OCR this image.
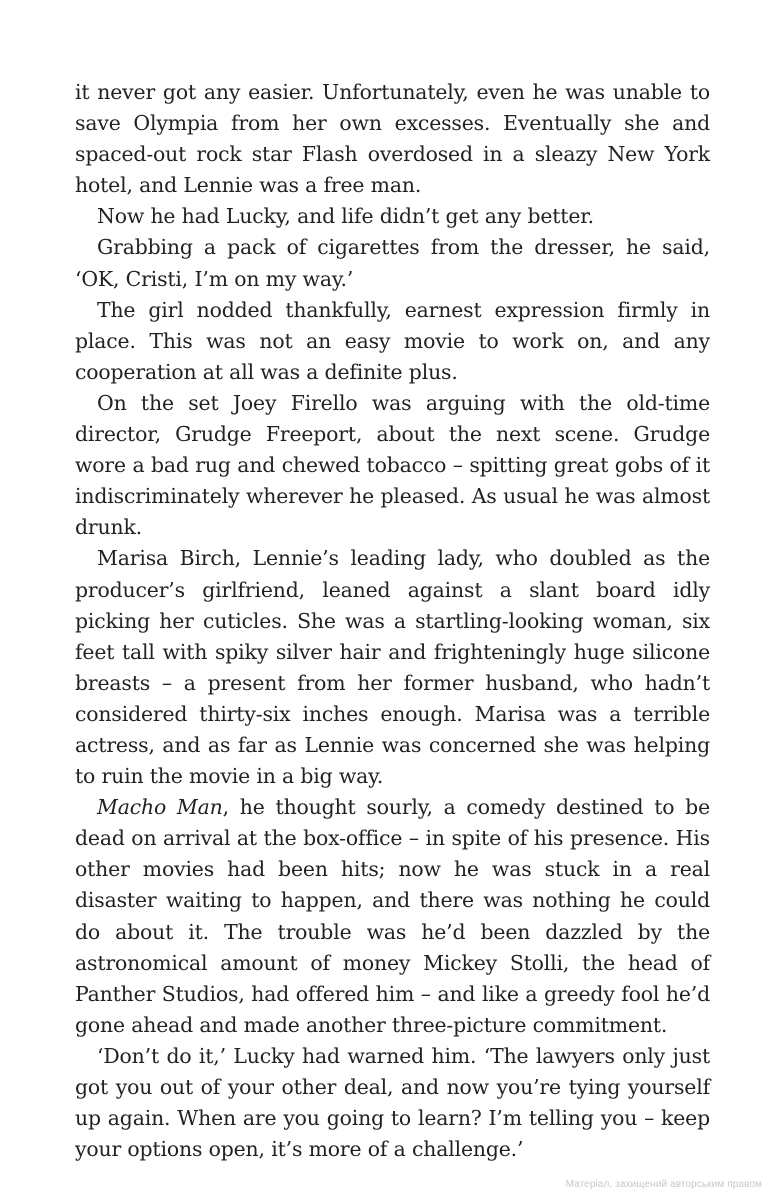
it never got any easier. Unfortunately, even he was unable to save Olympia from her own excesses. Eventually she and spaced-out rock star Flash overdosed in a sleazy New York hotel, and Lennie was a free man.

Now he had Lucky, and life didn’t get any better.

Grabbing a pack of cigarettes from the dresser, he said, ‘OK, Cristi, I’m on my way.’

The girl nodded thankfully, earnest expression firmly in place. This was not an easy movie to work on, and any cooperation at all was a definite plus.

On the set Joey Firello was arguing with the old-time director, Grudge Freeport, about the next scene. Grudge wore a bad rug and chewed tobacco – spitting great gobs of it indiscriminately wherever he pleased. As usual he was almost drunk.

Marisa Birch, Lennie’s leading lady, who doubled as the producer’s girlfriend, leaned against a slant board idly picking her cuticles. She was a startling-looking woman, six feet tall with spiky silver hair and frighteningly huge silicone breasts – a present from her former husband, who hadn’t considered thirty-six inches enough. Marisa was a terrible actress, and as far as Lennie was concerned she was helping to ruin the movie in a big way.

Macho Man, he thought sourly, a comedy destined to be dead on arrival at the box-office – in spite of his presence. His other movies had been hits; now he was stuck in a real disaster waiting to happen, and there was nothing he could do about it. The trouble was he’d been dazzled by the astronomical amount of money Mickey Stolli, the head of Panther Studios, had offered him – and like a greedy fool he’d gone ahead and made another three-picture commitment.

‘Don’t do it,’ Lucky had warned him. ‘The lawyers only just got you out of your other deal, and now you’re tying yourself up again. When are you going to learn? I’m telling you – keep your options open, it’s more of a challenge.’

Матеріал, захищений авторським правом
